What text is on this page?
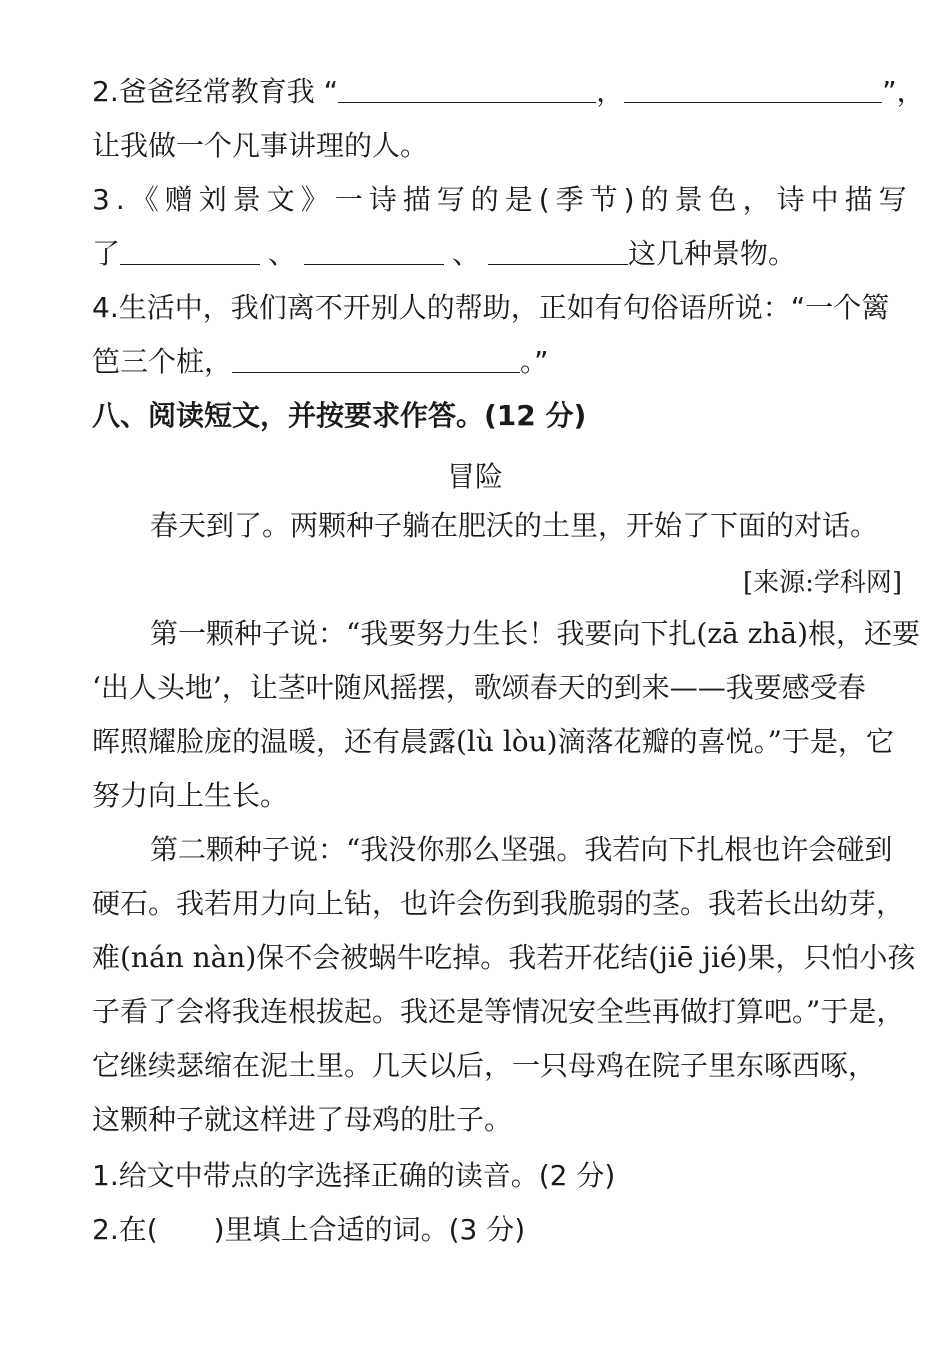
2.爸爸经常教育我 “	，	”，
让我做一个凡事讲理的人。
3.《赠刘景文》一诗描写的是(季节)的景色，诗中描写
了	、	、	这几种景物。
4.生活中，我们离不开别人的帮助，正如有句俗语所说：“一个篱
笆三个桩，	。”
八、阅读短文，并按要求作答。(12 分)
冒险
春天到了。两颗种子躺在肥沃的土里，开始了下面的对话。
[来源:学科网]
第一颗种子说：“我要努力生长！我要向下扎(zā zhā)根，还要
‘出人头地’，让茎叶随风摇摆，歌颂春天的到来——我要感受春
晖照耀脸庞的温暖，还有晨露(lù lòu)滴落花瓣的喜悦。”于是，它
努力向上生长。
第二颗种子说：“我没你那么坚强。我若向下扎根也许会碰到
硬石。我若用力向上钻，也许会伤到我脆弱的茎。我若长出幼芽，
难(nán nàn)保不会被蜗牛吃掉。我若开花结(jiē jié)果，只怕小孩
子看了会将我连根拔起。我还是等情况安全些再做打算吧。”于是，
它继续瑟缩在泥土里。几天以后，一只母鸡在院子里东啄西啄，
这颗种子就这样进了母鸡的肚子。
1.给文中带点的字选择正确的读音。(2 分)
2.在(　　)里填上合适的词。(3 分)
